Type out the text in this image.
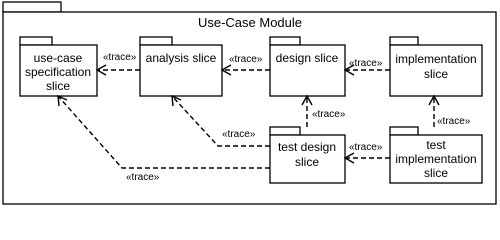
Use-Case Module
use-case
specification
slice
analysis slice	design slice	implementation
slice
test design
slice
test
implementation
slice
«trace»	«trace»	«trace»
«trace»
«trace»
«trace»
«trace»
«trace»
